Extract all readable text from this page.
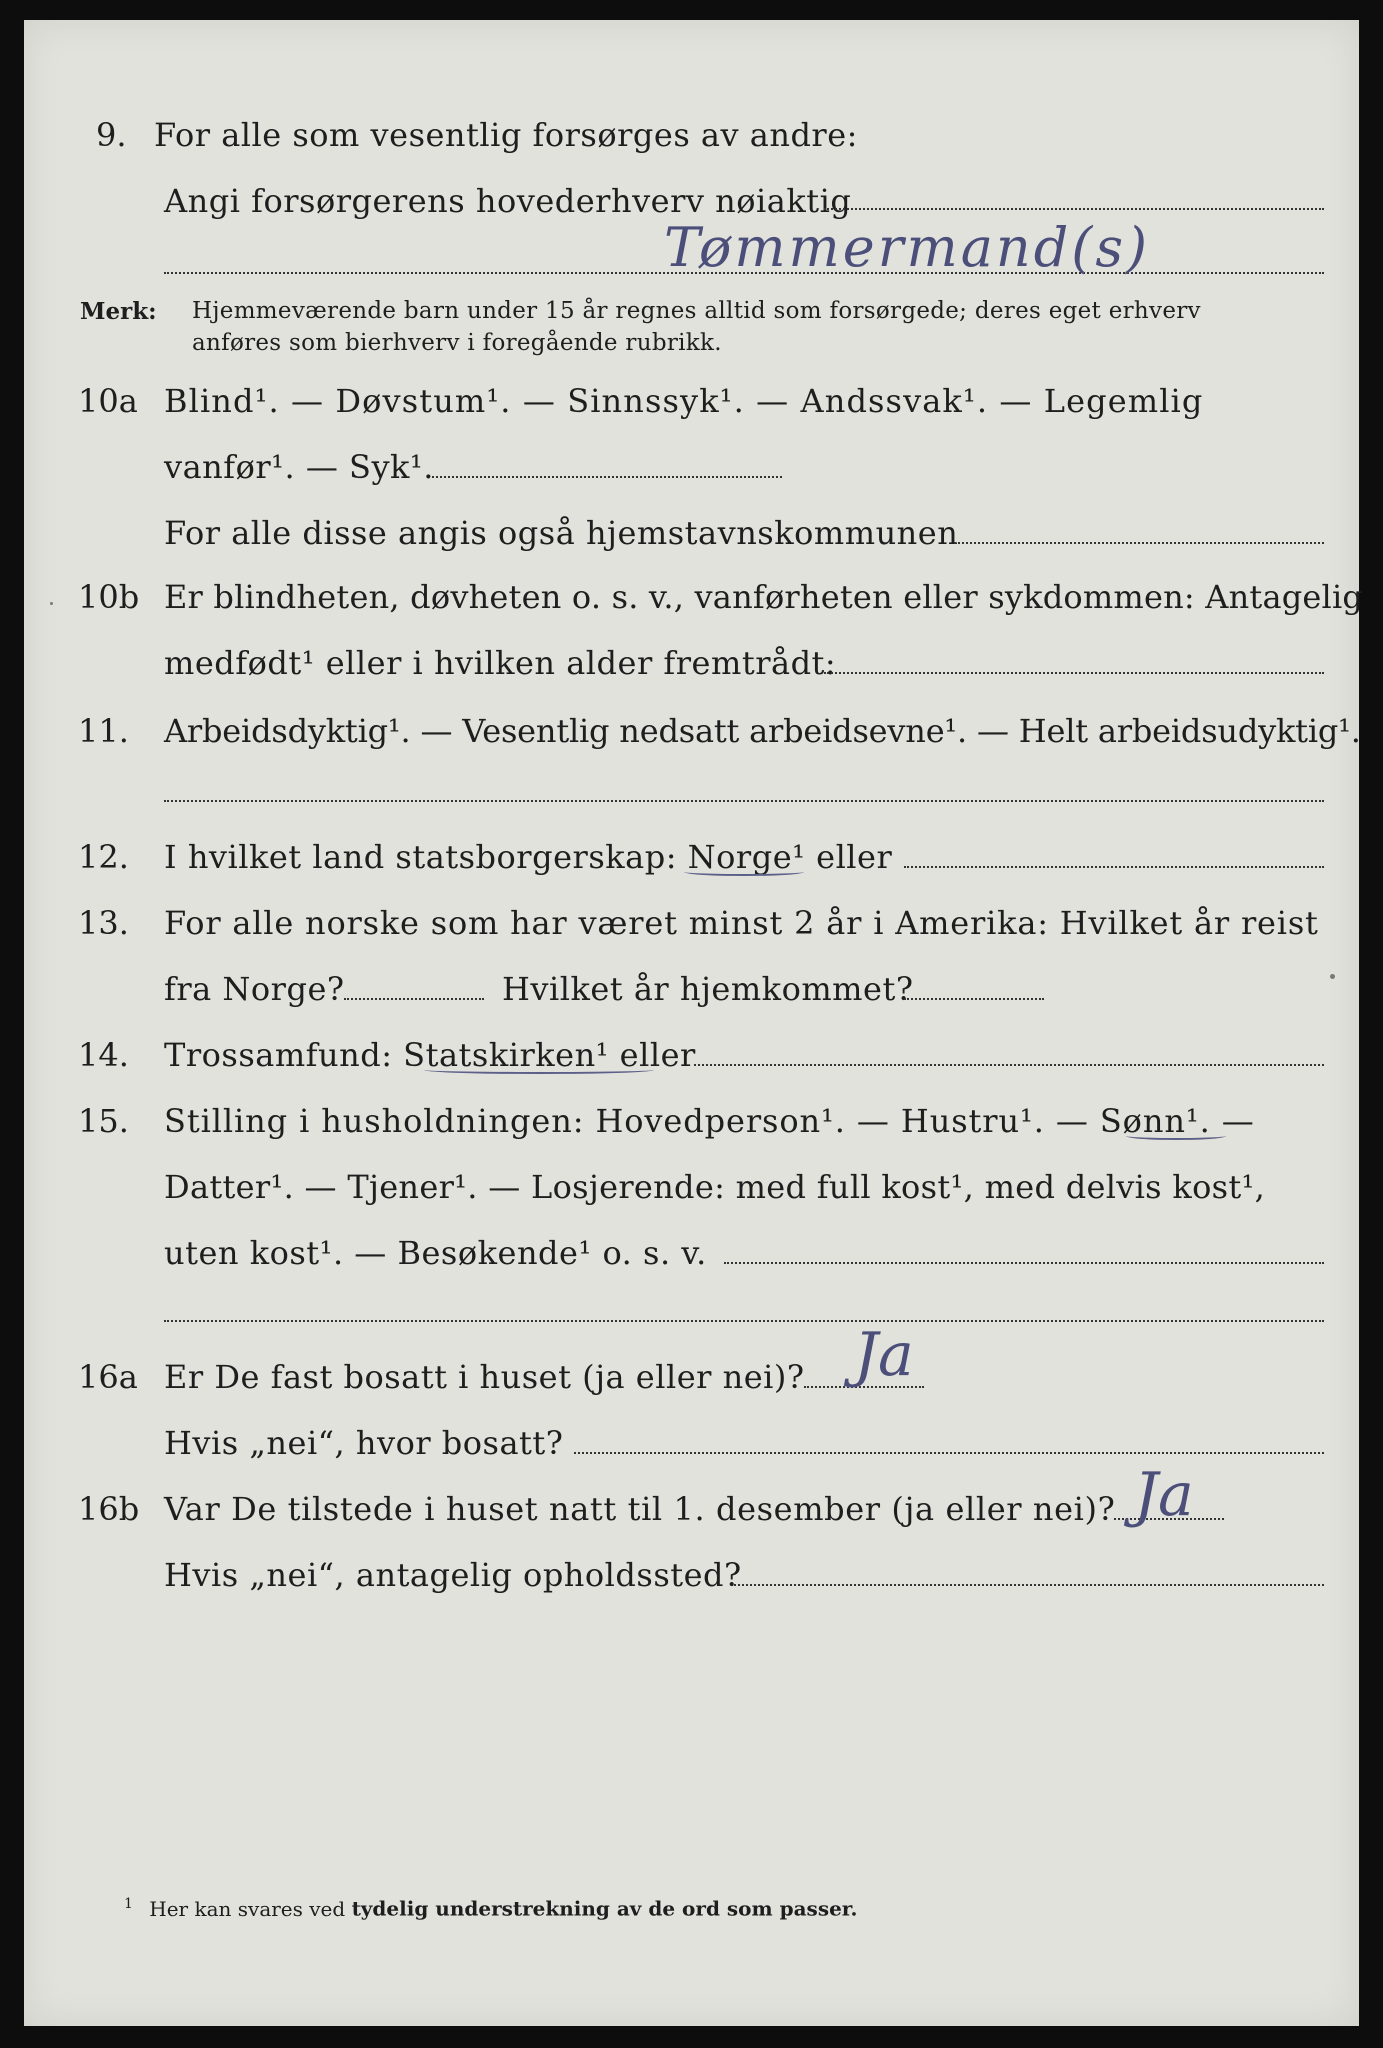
9. For alle som vesentlig forsørges av andre:
Angi forsørgerens hovederhverv nøiaktig
Tømmermand(s)
Merk: Hjemmeværende barn under 15 år regnes alltid som forsørgede; deres eget erhverv
anføres som bierhverv i foregående rubrikk.
10a Blind¹. — Døvstum¹. — Sinnssyk¹. — Andssvak¹. — Legemlig
vanfør¹. — Syk¹.
For alle disse angis også hjemstavnskommunen
10b Er blindheten, døvheten o. s. v., vanførheten eller sykdommen: Antagelig
medfødt¹ eller i hvilken alder fremtrådt:
11. Arbeidsdyktig¹. — Vesentlig nedsatt arbeidsevne¹. — Helt arbeidsudyktig¹.
12. I hvilket land statsborgerskap: Norge¹ eller
13. For alle norske som har været minst 2 år i Amerika: Hvilket år reist
fra Norge?	Hvilket år hjemkommet?
14. Trossamfund: Statskirken¹ eller
15. Stilling i husholdningen: Hovedperson¹. — Hustru¹. — Sønn¹. —
Datter¹. — Tjener¹. — Losjerende: med full kost¹, med delvis kost¹,
uten kost¹. — Besøkende¹ o. s. v.
16a Er De fast bosatt i huset (ja eller nei)? Ja
Hvis „nei“, hvor bosatt?
16b Var De tilstede i huset natt til 1. desember (ja eller nei)? Ja
Hvis „nei“, antagelig opholdssted?
$^1$ Her kan svares ved tydelig understrekning av de ord som passer.
